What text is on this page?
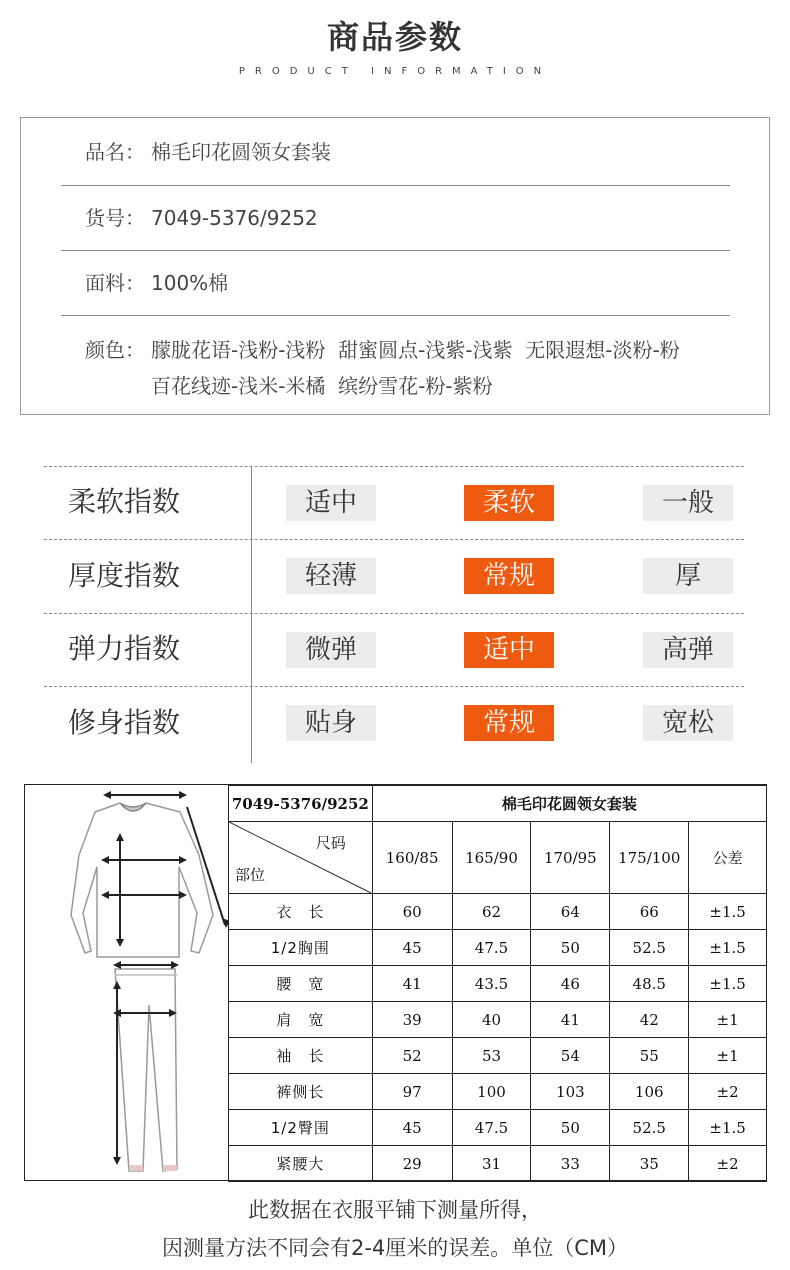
商品参数
PRODUCT INFORMATION
品名： 棉毛印花圆领女套装
货号： 7049-5376/9252
面料： 100%棉
颜色： 朦胧花语-浅粉-浅粉  甜蜜圆点-浅紫-浅紫  无限遐想-淡粉-粉
百花线迹-浅米-米橘  缤纷雪花-粉-紫粉
柔软指数	适中	柔软	一般
厚度指数	轻薄	常规	厚
弹力指数	微弹	适中	高弹
修身指数	贴身	常规	宽松
7049-5376/9252	棉毛印花圆领女套装				

尺码
部位	160/85	165/90	170/95	175/100	公差
衣　长	60	62	64	66	±1.5
1/2胸围	45	47.5	50	52.5	±1.5
腰　宽	41	43.5	46	48.5	±1.5
肩　宽	39	40	41	42	±1
袖　长	52	53	54	55	±1
裤侧长	97	100	103	106	±2
1/2臀围	45	47.5	50	52.5	±1.5
紧腰大	29	31	33	35	±2
此数据在衣服平铺下测量所得，
因测量方法不同会有2-4厘米的误差。单位（CM）
